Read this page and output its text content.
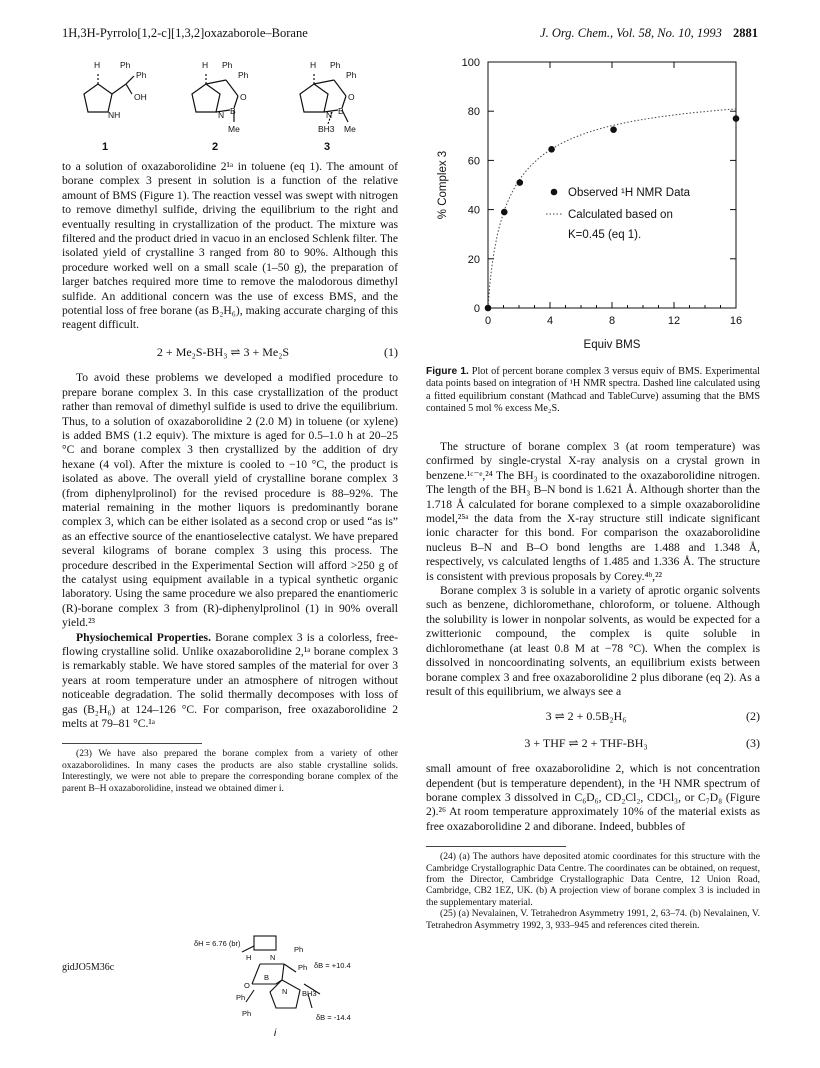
1H,3H-Pyrrolo[1,2-c][1,3,2]oxazaborole–Borane	J. Org. Chem., Vol. 58, No. 10, 1993 2881
H Ph
Ph
OH
NH
H Ph
Ph
O
N B
Me
H Ph
Ph
O
N B
Me
BH3
1	2	3

to a solution of oxazaborolidine 2¹ᵃ in toluene (eq 1). The amount of borane complex 3 present in solution is a function of the relative amount of BMS (Figure 1). The reaction vessel was swept with nitrogen to remove dimethyl sulfide, driving the equilibrium to the right and eventually resulting in crystallization of the product. The mixture was filtered and the product dried in vacuo in an enclosed Schlenk filter. The isolated yield of crystalline 3 ranged from 80 to 90%. Although this procedure worked well on a small scale (1–50 g), the preparation of larger batches required more time to remove the malodorous dimethyl sulfide. An additional concern was the use of excess BMS, and the potential loss of free borane (as B₂H₆), making accurate charging of this reagent difficult.

2 + Me₂S-BH₃ ⇌ 3 + Me₂S	(1)

To avoid these problems we developed a modified procedure to prepare borane complex 3. In this case crystallization of the product rather than removal of dimethyl sulfide is used to drive the equilibrium. Thus, to a solution of oxazaborolidine 2 (2.0 M) in toluene (or xylene) is added BMS (1.2 equiv). The mixture is aged for 0.5–1.0 h at 20–25 °C and borane complex 3 then crystallized by the addition of dry hexane (4 vol). After the mixture is cooled to −10 °C, the product is isolated as above. The overall yield of crystalline borane complex 3 (from diphenylprolinol) for the revised procedure is 88–92%. The material remaining in the mother liquors is predominantly borane complex 3, which can be either isolated as a second crop or used “as is” as an effective source of the enantioselective catalyst. We have prepared several kilograms of borane complex 3 using this process. The procedure described in the Experimental Section will afford >250 g of the catalyst using equipment available in a typical synthetic organic laboratory. Using the same procedure we also prepared the enantiomeric (R)-borane complex 3 from (R)-diphenylprolinol (1) in 90% overall yield.²³

Physiochemical Properties. Borane complex 3 is a colorless, free-flowing crystalline solid. Unlike oxazaborolidine 2,¹ᵃ borane complex 3 is remarkably stable. We have stored samples of the material for over 3 years at room temperature under an atmosphere of nitrogen without noticeable degradation. The solid thermally decomposes with loss of gas (B₂H₆) at 124–126 °C. For comparison, free oxazaborolidine 2 melts at 79–81 °C.¹ᵃ

(23) We have also prepared the borane complex from a variety of other oxazaborolidines. In many cases the products are also stable crystalline solids. Interestingly, we were not able to prepare the corresponding borane complex of the parent B–H oxazaborolidine, instead we obtained dimer i.

gidJO5M36c
δH = 6.76 (br)
H N
Ph
Ph δB = +10.4
O
B
Ph
N BH3
Ph	δB = -14.4
i
0
20
40
60
80
100
0	4	8	12	16
Equiv BMS
% Complex 3	Observed ¹H NMR Data
Calculated based on
K=0.45 (eq 1).
Figure 1. Plot of percent borane complex 3 versus equiv of BMS. Experimental data points based on integration of ¹H NMR spectra. Dashed line calculated using a fitted equilibrium constant (Mathcad and TableCurve) assuming that the BMS contained 5 mol % excess Me₂S.

The structure of borane complex 3 (at room temperature) was confirmed by single-crystal X-ray analysis on a crystal grown in benzene.¹ᶜ⁻ᵉ,²⁴ The BH₃ is coordinated to the oxazaborolidine nitrogen. The length of the BH₃ B–N bond is 1.621 Å. Although shorter than the 1.718 Å calculated for borane complexed to a simple oxazaborolidine model,²⁵ᵃ the data from the X-ray structure still indicate significant ionic character for this bond. For comparison the oxazaborolidine nucleus B–N and B–O bond lengths are 1.488 and 1.348 Å, respectively, vs calculated lengths of 1.485 and 1.336 Å. The structure is consistent with previous proposals by Corey.⁴ᵇ,²²

Borane complex 3 is soluble in a variety of aprotic organic solvents such as benzene, dichloromethane, chloroform, or toluene. Although the solubility is lower in nonpolar solvents, as would be expected for a zwitterionic compound, the complex is quite soluble in dichloromethane (at least 0.8 M at −78 °C). When the complex is dissolved in noncoordinating solvents, an equilibrium exists between borane complex 3 and free oxazaborolidine 2 plus diborane (eq 2). As a result of this equilibrium, we always see a

3 ⇌ 2 + 0.5B₂H₆	(2)
3 + THF ⇌ 2 + THF-BH₃	(3)

small amount of free oxazaborolidine 2, which is not concentration dependent (but is temperature dependent), in the ¹H NMR spectrum of borane complex 3 dissolved in C₆D₆, CD₂Cl₂, CDCl₃, or C₇D₈ (Figure 2).²⁶ At room temperature approximately 10% of the material exists as free oxazaborolidine 2 and diborane. Indeed, bubbles of

(24) (a) The authors have deposited atomic coordinates for this structure with the Cambridge Crystallographic Data Centre. The coordinates can be obtained, on request, from the Director, Cambridge Crystallographic Data Centre, 12 Union Road, Cambridge, CB2 1EZ, UK. (b) A projection view of borane complex 3 is included in the supplementary material.

(25) (a) Nevalainen, V. Tetrahedron Asymmetry 1991, 2, 63–74. (b) Nevalainen, V. Tetrahedron Asymmetry 1992, 3, 933–945 and references cited therein.
